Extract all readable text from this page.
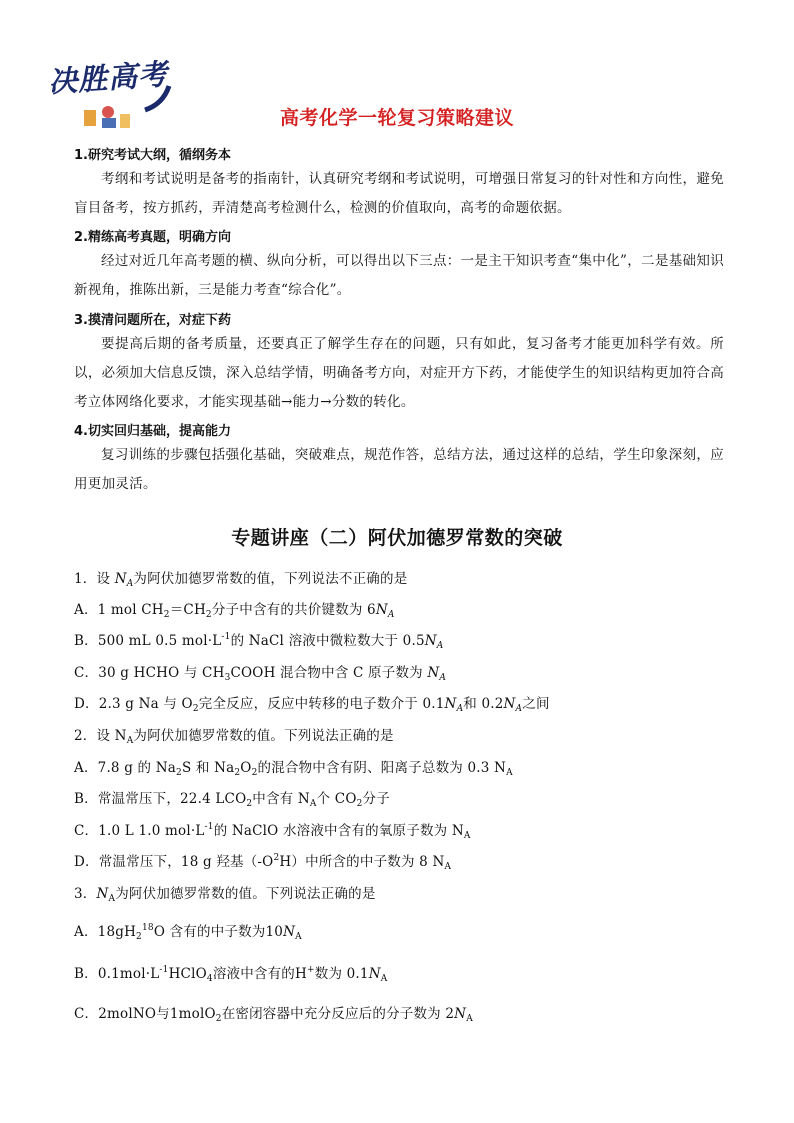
决胜高考
高考化学一轮复习策略建议
1.研究考试大纲，循纲务本
考纲和考试说明是备考的指南针，认真研究考纲和考试说明，可增强日常复习的针对性和方向性，避免盲目备考，按方抓药，弄清楚高考检测什么，检测的价值取向，高考的命题依据。
2.精练高考真题，明确方向
经过对近几年高考题的横、纵向分析，可以得出以下三点：一是主干知识考查“集中化”，二是基础知识新视角，推陈出新，三是能力考查“综合化”。
3.摸清问题所在，对症下药
要提高后期的备考质量，还要真正了解学生存在的问题，只有如此，复习备考才能更加科学有效。所以，必须加大信息反馈，深入总结学情，明确备考方向，对症开方下药，才能使学生的知识结构更加符合高考立体网络化要求，才能实现基础→能力→分数的转化。
4.切实回归基础，提高能力
复习训练的步骤包括强化基础，突破难点，规范作答，总结方法，通过这样的总结，学生印象深刻，应用更加灵活。
专题讲座（二）阿伏加德罗常数的突破
1．设 $N_A$为阿伏加德罗常数的值，下列说法不正确的是
A．1 mol $CH_2=CH_2$分子中含有的共价键数为 $6N_A$
B．500 mL 0.5 $mol\cdot L^{-1}$的 NaCl 溶液中微粒数大于 $0.5N_A$
C．30 g HCHO 与 $CH_3COOH$ 混合物中含 C 原子数为 $N_A$
D．2.3 g Na 与 $O_2$完全反应，反应中转移的电子数介于 $0.1N_A$和 $0.2N_A$之间
2．设 $N_A$为阿伏加德罗常数的值。下列说法正确的是
A．7.8 g 的 $Na_2S$ 和 $Na_2O_2$的混合物中含有阴、阳离子总数为 0.3 $N_A$
B．常温常压下，22.4 $LCO_2$中含有 $N_A$个 $CO_2$分子
C．1.0 L 1.0 $mol\cdot L^{-1}$的 NaClO 水溶液中含有的氧原子数为 $N_A$
D．常温常压下，18 g 羟基$(-O^2H)$中所含的中子数为 8 $N_A$
3．$N_A$为阿伏加德罗常数的值。下列说法正确的是
A．$18gH_2^{18}O$ 含有的中子数为$10N_A$
B．$0.1mol\cdot L^{-1}HClO_4$溶液中含有的H+数为 $0.1N_A$
C．2molNO与1molO$_2$在密闭容器中充分反应后的分子数为 $2N_A$
